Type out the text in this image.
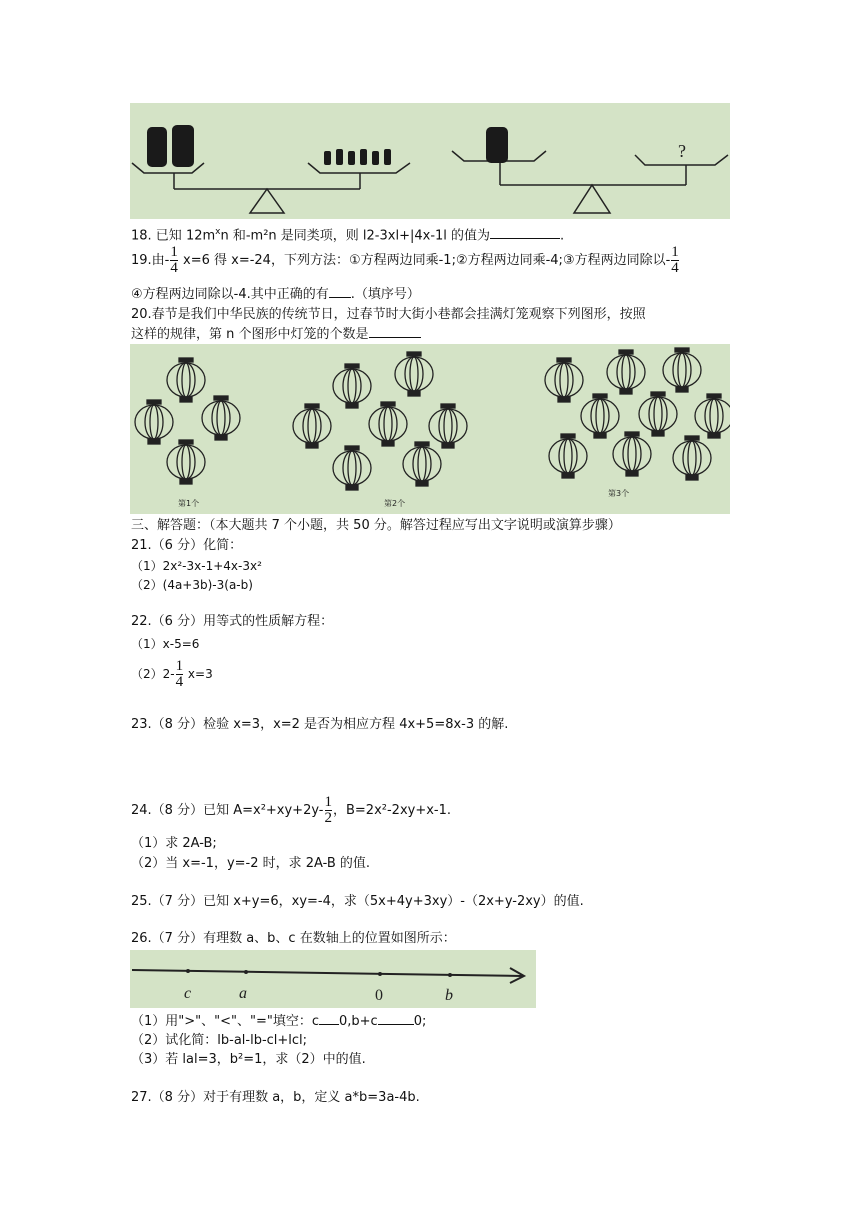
?
18. 已知 $12m^xn$ 和-m²n 是同类项，则 l2-3xl+|4x-1l 的值为	.
19.由- $\frac{1}{4} x=6$ 得 x=-24，下列方法：①方程两边同乘-1;②方程两边同乘-4;③方程两边同除以- $\frac{1}{4}$
④方程两边同除以-4.其中正确的有 .（填序号）
20.春节是我们中华民族的传统节日，过春节时大街小巷都会挂满灯笼观察下列图形，按照
这样的规律，第 n 个图形中灯笼的个数是
第1个	第2个
第3个
三、解答题：（本大题共 7 个小题，共 50 分。解答过程应写出文字说明或演算步骤）
21.（6 分）化简：
（1）2x²-3x-1+4x-3x²
（2）(4a+3b)-3(a-b)
22.（6 分）用等式的性质解方程：
（1）x-5=6
$(2)2- \frac{1}{4} x=3$
23.（8 分）检验 x=3，x=2 是否为相应方程 4x+5=8x-3 的解.
24.（8 分）已知 $A=x^2+xy+2y- \frac{1}{2}$ ，B=2x²-2xy+x-1.
（1）求 2A-B;
（2）当 x=-1，y=-2 时，求 2A-B 的值.
25.（7 分）已知 x+y=6，xy=-4，求（5x+4y+3xy）-（2x+y-2xy）的值.
26.（7 分）有理数 a、b、c 在数轴上的位置如图所示：
c	a	0	b
（1）用">"、"<"、"="填空：c 0,b+c	0;
（2）试化简：lb-al-lb-cl+lcl;
（3）若 lal=3，b²=1，求（2）中的值.
27.（8 分）对于有理数 a，b，定义 a*b=3a-4b.
